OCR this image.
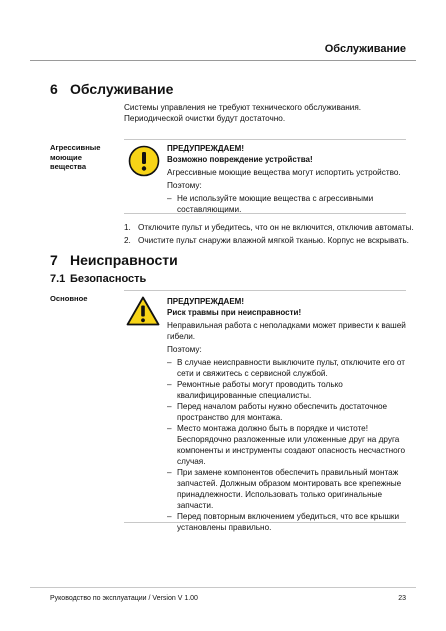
Обслуживание
6 Обслуживание
Системы управления не требуют технического обслуживания. Периодической очистки будут достаточно.
Агрессивные
моющие
вещества
ПРЕДУПРЕЖДАЕМ!
Возможно повреждение устройства!
Агрессивные моющие вещества могут испортить устройство.
Поэтому:
– Не используйте моющие вещества с агрессивными составляющими.
1. Отключите пульт и убедитесь, что он не включится, отключив автоматы.
2. Очистите пульт снаружи влажной мягкой тканью. Корпус не вскрывать.
7 Неисправности
7.1 Безопасность
Основное	ПРЕДУПРЕЖДАЕМ!
Риск травмы при неисправности!
Неправильная работа с неполадками может привести к вашей гибели.
Поэтому:
– В случае неисправности выключите пульт, отключите его от сети и свяжитесь с сервисной службой.
– Ремонтные работы могут проводить только квалифицированные специалисты.
– Перед началом работы нужно обеспечить достаточное пространство для монтажа.
– Место монтажа должно быть в порядке и чистоте! Беспорядочно разложенные или уложенные друг на друга компоненты и инструменты создают опасность несчастного случая.
– При замене компонентов обеспечить правильный монтаж запчастей. Должным образом монтировать все крепежные принадлежности. Использовать только оригинальные запчасти.
– Перед повторным включением убедиться, что все крышки установлены правильно.
Руководство по эксплуатации / Version V 1.00	23
